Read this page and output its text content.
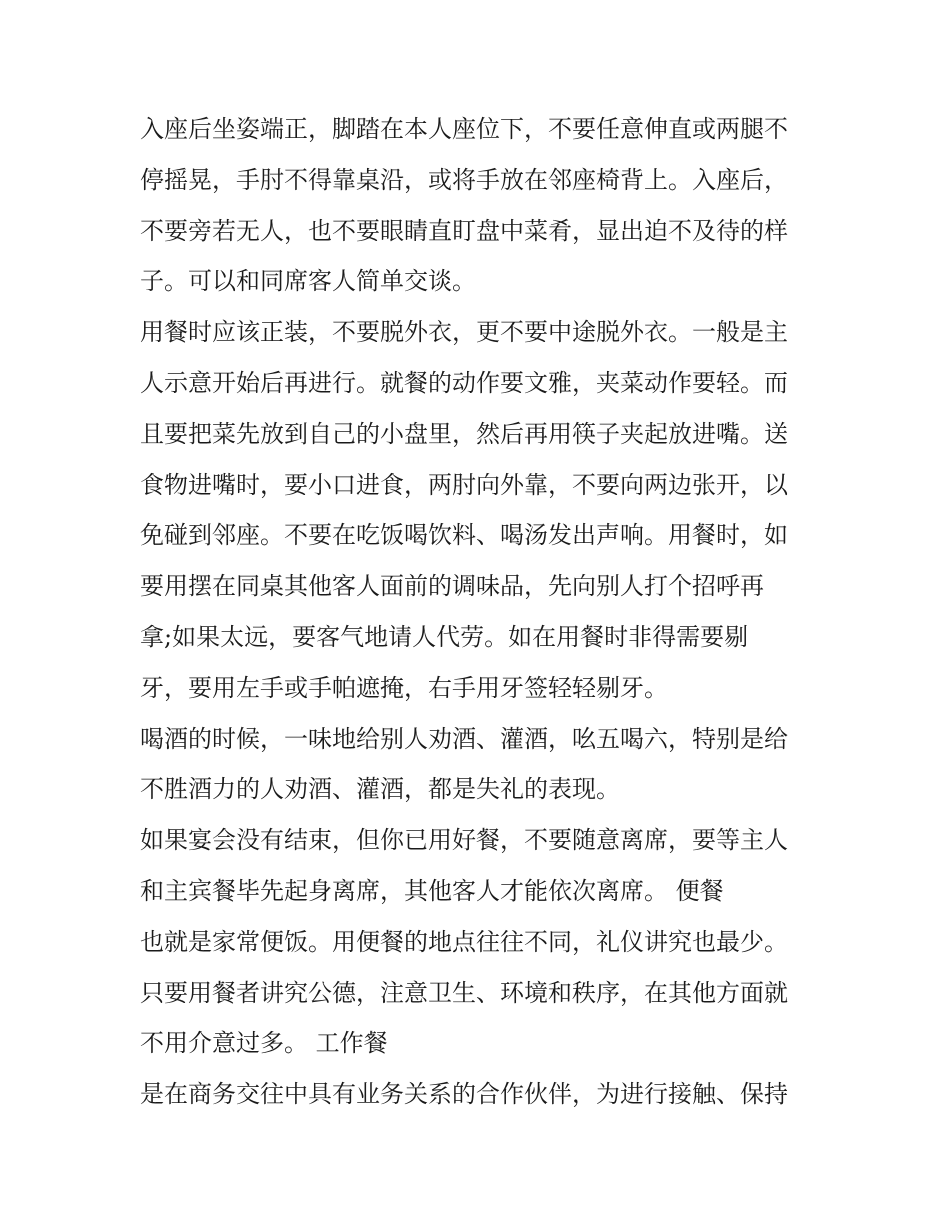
入座后坐姿端正，脚踏在本人座位下，不要任意伸直或两腿不
停摇晃，手肘不得靠桌沿，或将手放在邻座椅背上。入座后，
不要旁若无人，也不要眼睛直盯盘中菜肴，显出迫不及待的样
子。可以和同席客人简单交谈。
用餐时应该正装，不要脱外衣，更不要中途脱外衣。一般是主
人示意开始后再进行。就餐的动作要文雅，夹菜动作要轻。而
且要把菜先放到自己的小盘里，然后再用筷子夹起放进嘴。送
食物进嘴时，要小口进食，两肘向外靠，不要向两边张开，以
免碰到邻座。不要在吃饭喝饮料、喝汤发出声响。用餐时，如
要用摆在同桌其他客人面前的调味品，先向别人打个招呼再
拿;如果太远，要客气地请人代劳。如在用餐时非得需要剔
牙，要用左手或手帕遮掩，右手用牙签轻轻剔牙。
喝酒的时候，一味地给别人劝酒、灌酒，吆五喝六，特别是给
不胜酒力的人劝酒、灌酒，都是失礼的表现。
如果宴会没有结束，但你已用好餐，不要随意离席，要等主人
和主宾餐毕先起身离席，其他客人才能依次离席。 便餐
也就是家常便饭。用便餐的地点往往不同，礼仪讲究也最少。
只要用餐者讲究公德，注意卫生、环境和秩序，在其他方面就
不用介意过多。 工作餐
是在商务交往中具有业务关系的合作伙伴，为进行接触、保持
